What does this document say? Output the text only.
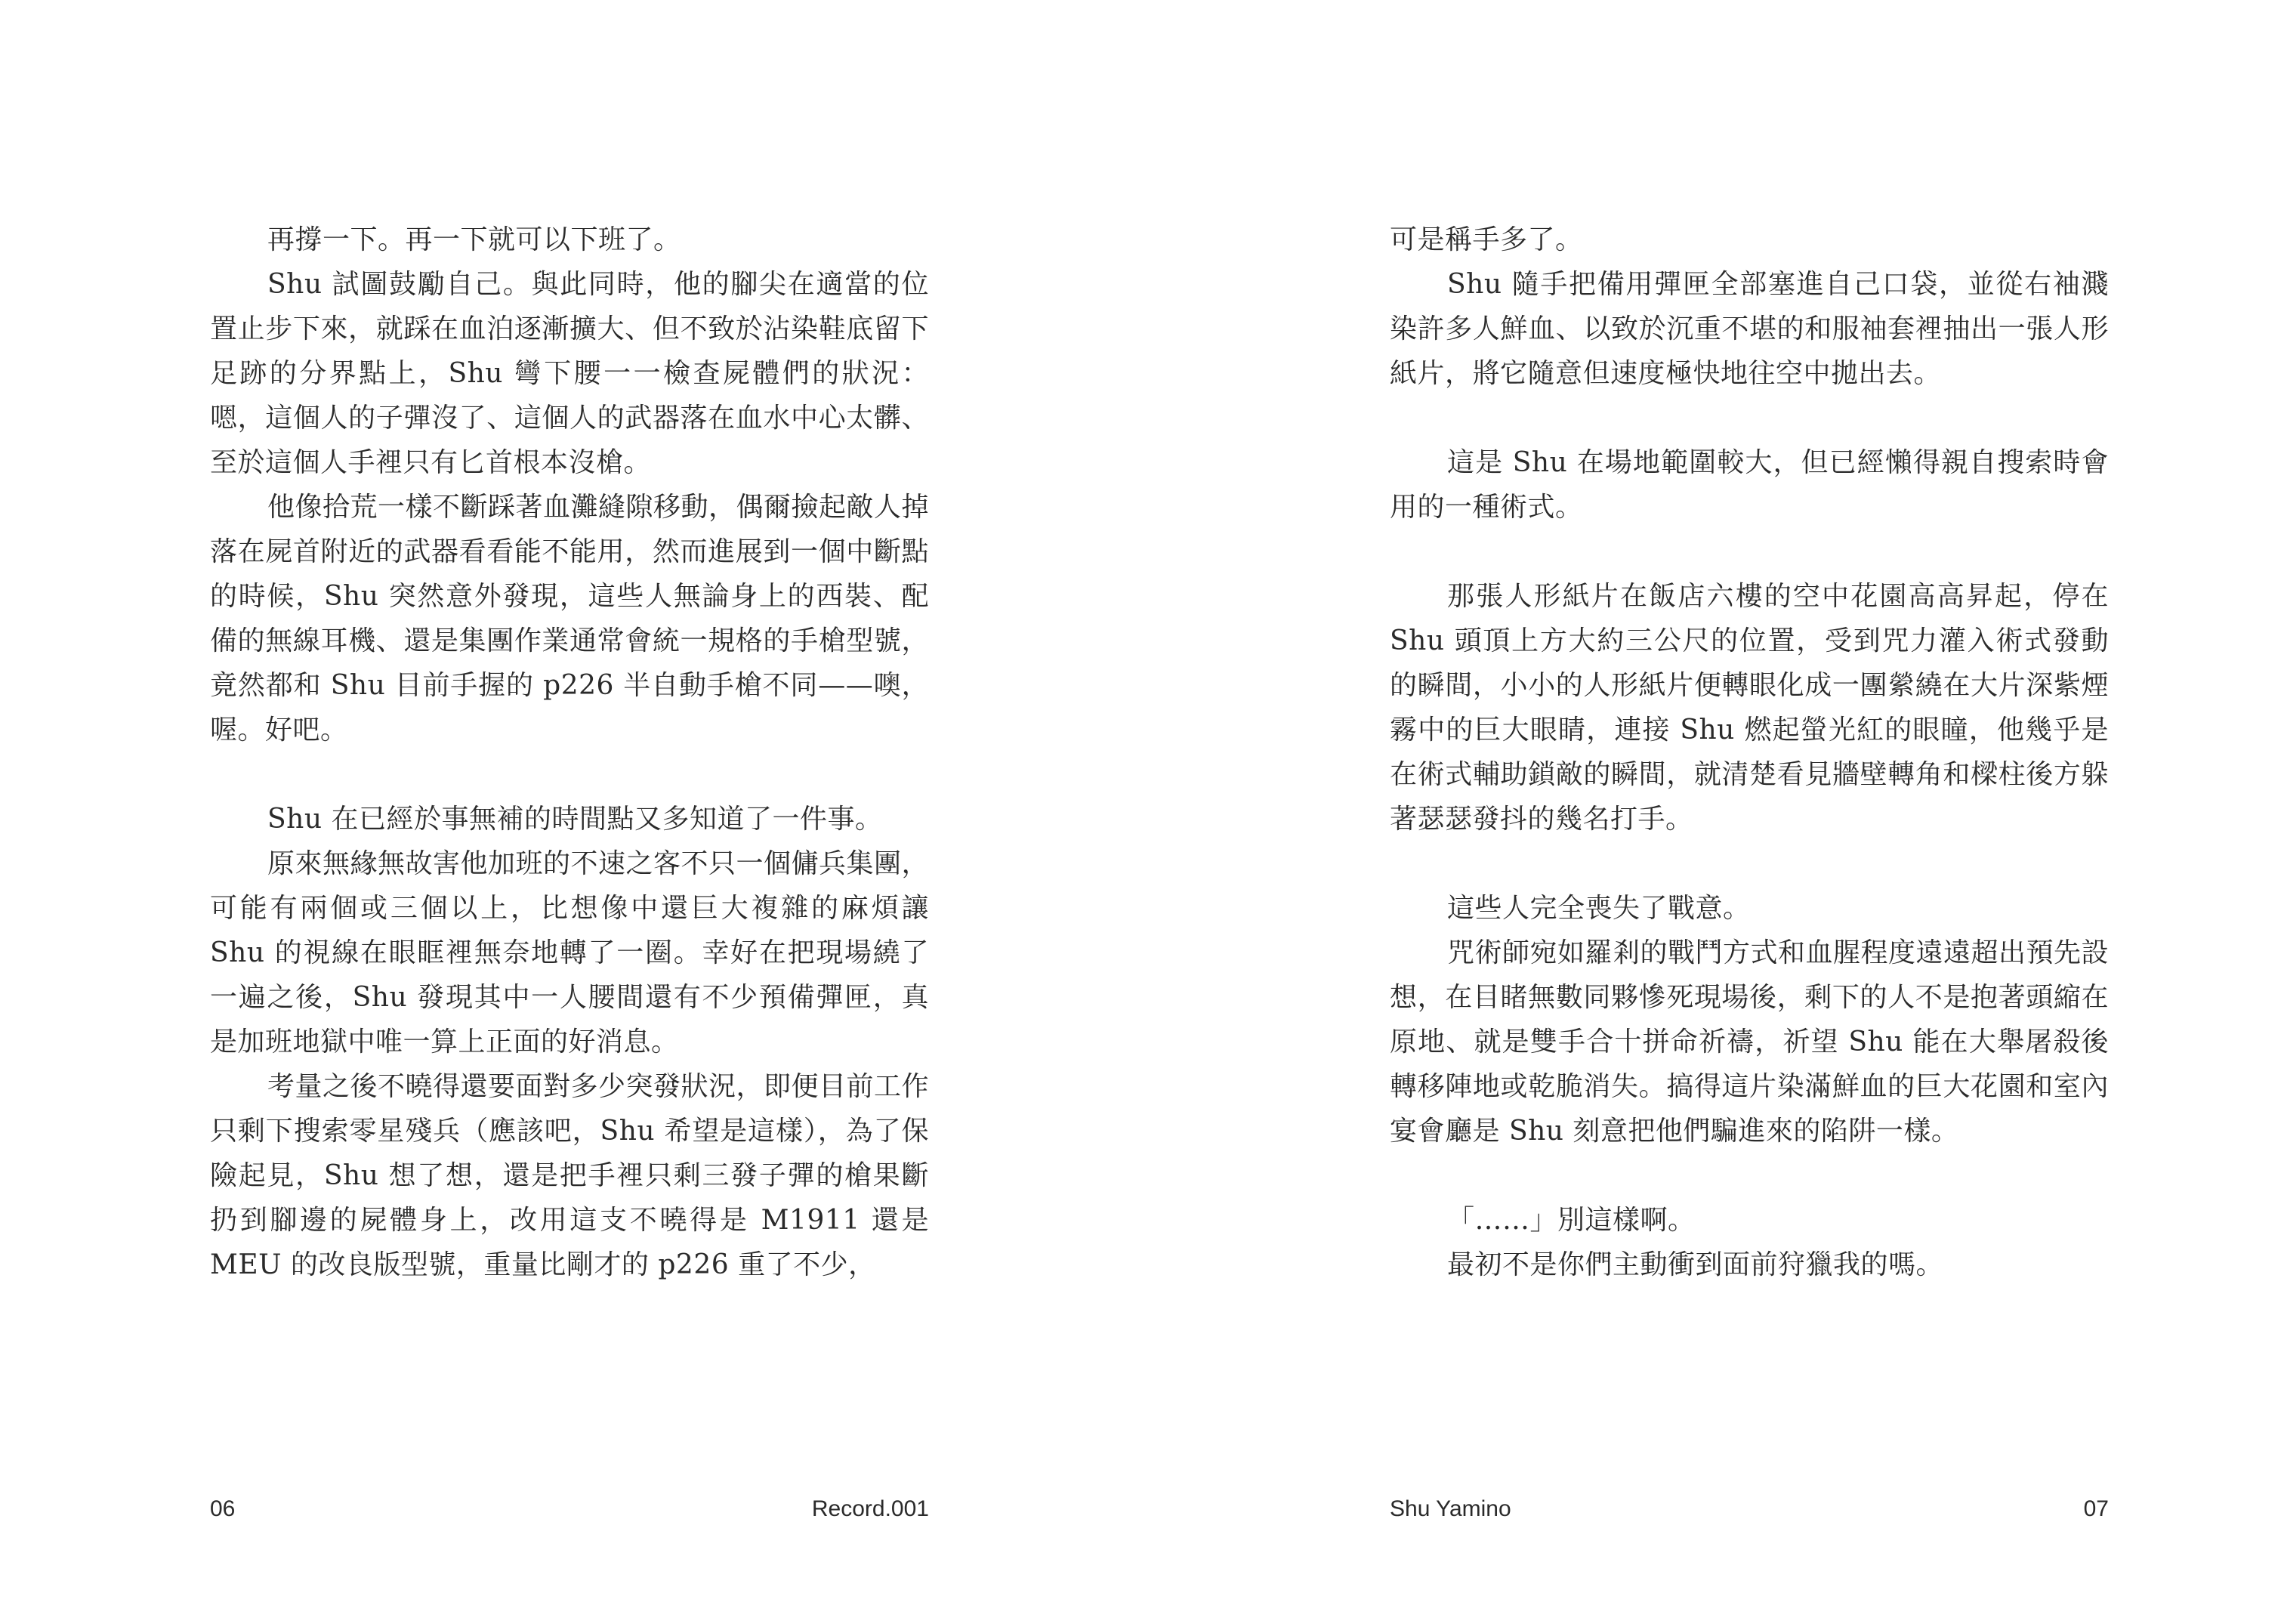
再撐一下。再一下就可以下班了。

Shu 試圖鼓勵自己。與此同時，他的腳尖在適當的位置止步下來，就踩在血泊逐漸擴大、但不致於沾染鞋底留下足跡的分界點上，Shu 彎下腰一一檢查屍體們的狀況：嗯，這個人的子彈沒了、這個人的武器落在血水中心太髒、至於這個人手裡只有匕首根本沒槍。

他像拾荒一樣不斷踩著血灘縫隙移動，偶爾撿起敵人掉落在屍首附近的武器看看能不能用，然而進展到一個中斷點的時候，Shu 突然意外發現，這些人無論身上的西裝、配備的無線耳機、還是集團作業通常會統一規格的手槍型號，竟然都和 Shu 目前手握的 p226 半自動手槍不同——噢，喔。好吧。

Shu 在已經於事無補的時間點又多知道了一件事。

原來無緣無故害他加班的不速之客不只一個傭兵集團，可能有兩個或三個以上，比想像中還巨大複雜的麻煩讓 Shu 的視線在眼眶裡無奈地轉了一圈。幸好在把現場繞了一遍之後，Shu 發現其中一人腰間還有不少預備彈匣，真是加班地獄中唯一算上正面的好消息。

考量之後不曉得還要面對多少突發狀況，即便目前工作只剩下搜索零星殘兵（應該吧，Shu 希望是這樣），為了保險起見，Shu 想了想，還是把手裡只剩三發子彈的槍果斷扔到腳邊的屍體身上，改用這支不曉得是 M1911 還是 MEU 的改良版型號，重量比剛才的 p226 重了不少，

06	Record.001

可是稱手多了。

Shu 隨手把備用彈匣全部塞進自己口袋，並從右袖濺染許多人鮮血、以致於沉重不堪的和服袖套裡抽出一張人形紙片，將它隨意但速度極快地往空中拋出去。

這是 Shu 在場地範圍較大，但已經懶得親自搜索時會用的一種術式。

那張人形紙片在飯店六樓的空中花園高高昇起，停在 Shu 頭頂上方大約三公尺的位置，受到咒力灌入術式發動的瞬間，小小的人形紙片便轉眼化成一團縈繞在大片深紫煙霧中的巨大眼睛，連接 Shu 燃起螢光紅的眼瞳，他幾乎是在術式輔助鎖敵的瞬間，就清楚看見牆壁轉角和樑柱後方躲著瑟瑟發抖的幾名打手。

這些人完全喪失了戰意。

咒術師宛如羅剎的戰鬥方式和血腥程度遠遠超出預先設想，在目睹無數同夥慘死現場後，剩下的人不是抱著頭縮在原地、就是雙手合十拼命祈禱，祈望 Shu 能在大舉屠殺後轉移陣地或乾脆消失。搞得這片染滿鮮血的巨大花園和室內宴會廳是 Shu 刻意把他們騙進來的陷阱一樣。

「……」別這樣啊。

最初不是你們主動衝到面前狩獵我的嗎。

Shu Yamino	07
